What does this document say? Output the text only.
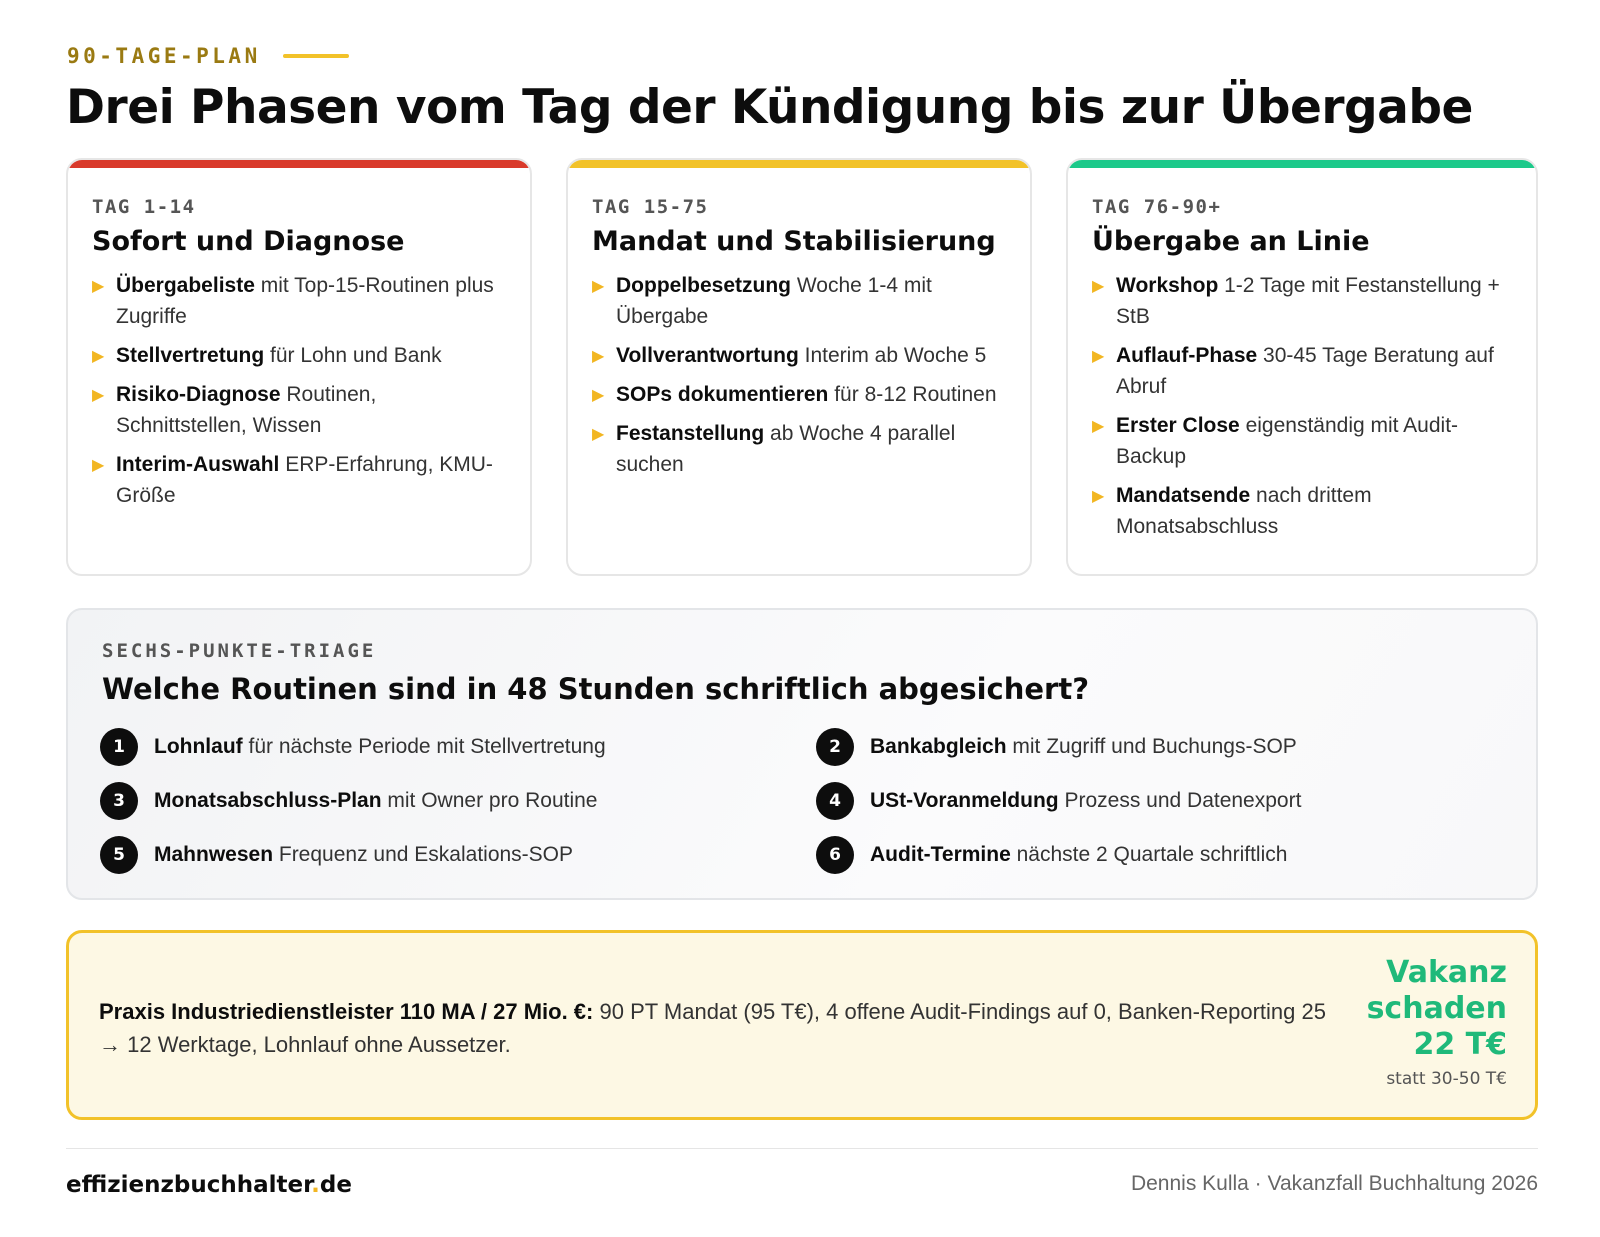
90-TAGE-PLAN
Drei Phasen vom Tag der Kündigung bis zur Übergabe
TAG 1-14
Sofort und Diagnose
▶ Übergabeliste mit Top-15-Routinen plus Zugriffe
▶ Stellvertretung für Lohn und Bank
▶ Risiko-Diagnose Routinen, Schnittstellen, Wissen
▶ Interim-Auswahl ERP-Erfahrung, KMU-Größe
TAG 15-75
Mandat und Stabilisierung
▶ Doppelbesetzung Woche 1-4 mit Übergabe
▶ Vollverantwortung Interim ab Woche 5
▶ SOPs dokumentieren für 8-12 Routinen
▶ Festanstellung ab Woche 4 parallel suchen
TAG 76-90+
Übergabe an Linie
▶ Workshop 1-2 Tage mit Festanstellung + StB
▶ Auflauf-Phase 30-45 Tage Beratung auf Abruf
▶ Erster Close eigenständig mit Audit-Backup
▶ Mandatsende nach drittem Monatsabschluss
SECHS-PUNKTE-TRIAGE
Welche Routinen sind in 48 Stunden schriftlich abgesichert?
1	Lohnlauf für nächste Periode mit Stellvertretung	2	Bankabgleich mit Zugriff und Buchungs-SOP
3	Monatsabschluss-Plan mit Owner pro Routine	4	USt-Voranmeldung Prozess und Datenexport
5	Mahnwesen Frequenz und Eskalations-SOP	6	Audit-Termine nächste 2 Quartale schriftlich
Praxis Industriedienstleister 110 MA / 27 Mio. €: 90 PT Mandat (95 T€), 4 offene Audit-Findings auf 0, Banken-Reporting 25 → 12 Werktage, Lohnlauf ohne Aussetzer.
Vakanz
schaden
22 T€
statt 30-50 T€
effizienzbuchhalter.de	Dennis Kulla · Vakanzfall Buchhaltung 2026
